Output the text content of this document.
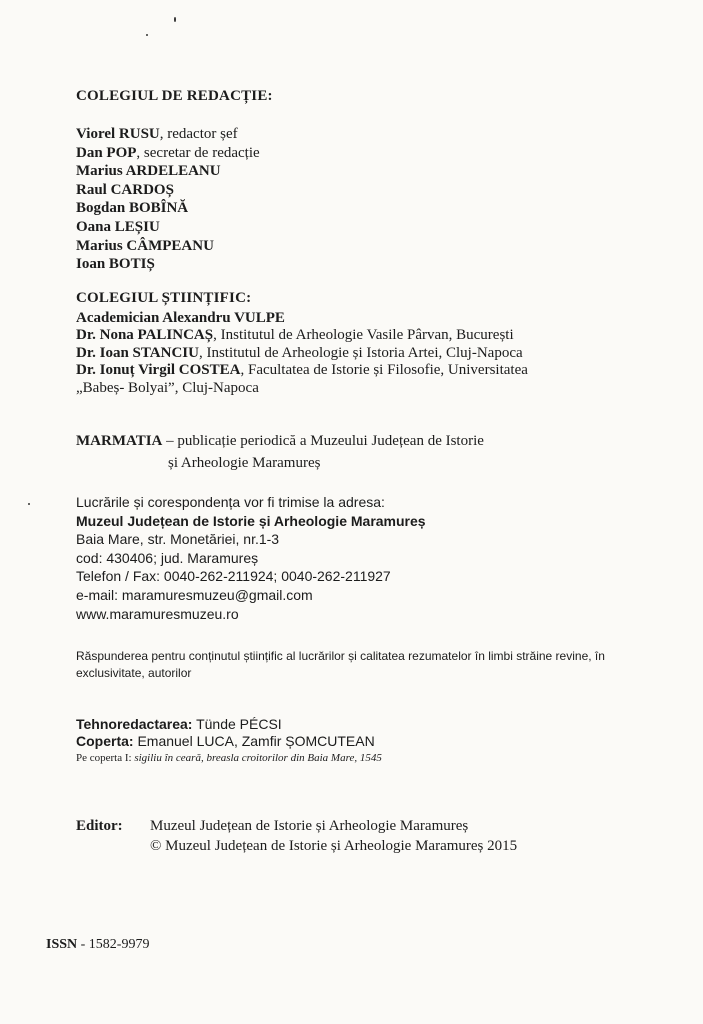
COLEGIUL DE REDACȚIE:
Viorel RUSU, redactor șef
Dan POP, secretar de redacție
Marius ARDELEANU
Raul CARDOȘ
Bogdan BOBÎNĂ
Oana LEȘIU
Marius CÂMPEANU
Ioan BOTIȘ
COLEGIUL ȘTIINȚIFIC:
Academician Alexandru VULPE
Dr. Nona PALINCAȘ, Institutul de Arheologie Vasile Pârvan, București
Dr. Ioan STANCIU, Institutul de Arheologie și Istoria Artei, Cluj-Napoca
Dr. Ionuț Virgil COSTEA, Facultatea de Istorie și Filosofie, Universitatea
„Babeș- Bolyai”, Cluj-Napoca
MARMATIA – publicație periodică a Muzeului Județean de Istorie
și Arheologie Maramureș
Lucrările și corespondența vor fi trimise la adresa:
Muzeul Județean de Istorie și Arheologie Maramureș
Baia Mare, str. Monetăriei, nr.1-3
cod: 430406; jud. Maramureș
Telefon / Fax: 0040-262-211924; 0040-262-211927
e-mail: maramuresmuzeu@gmail.com
www.maramuresmuzeu.ro
Răspunderea pentru conținutul științific al lucrărilor și calitatea rezumatelor în limbi străine revine, în
exclusivitate, autorilor
Tehnoredactarea: Tünde PÉCSI
Coperta: Emanuel LUCA, Zamfir ȘOMCUTEAN
Pe coperta I: sigiliu în ceară, breasla croitorilor din Baia Mare, 1545
Editor: Muzeul Județean de Istorie și Arheologie Maramureș
© Muzeul Județean de Istorie și Arheologie Maramureș 2015
ISSN - 1582-9979
